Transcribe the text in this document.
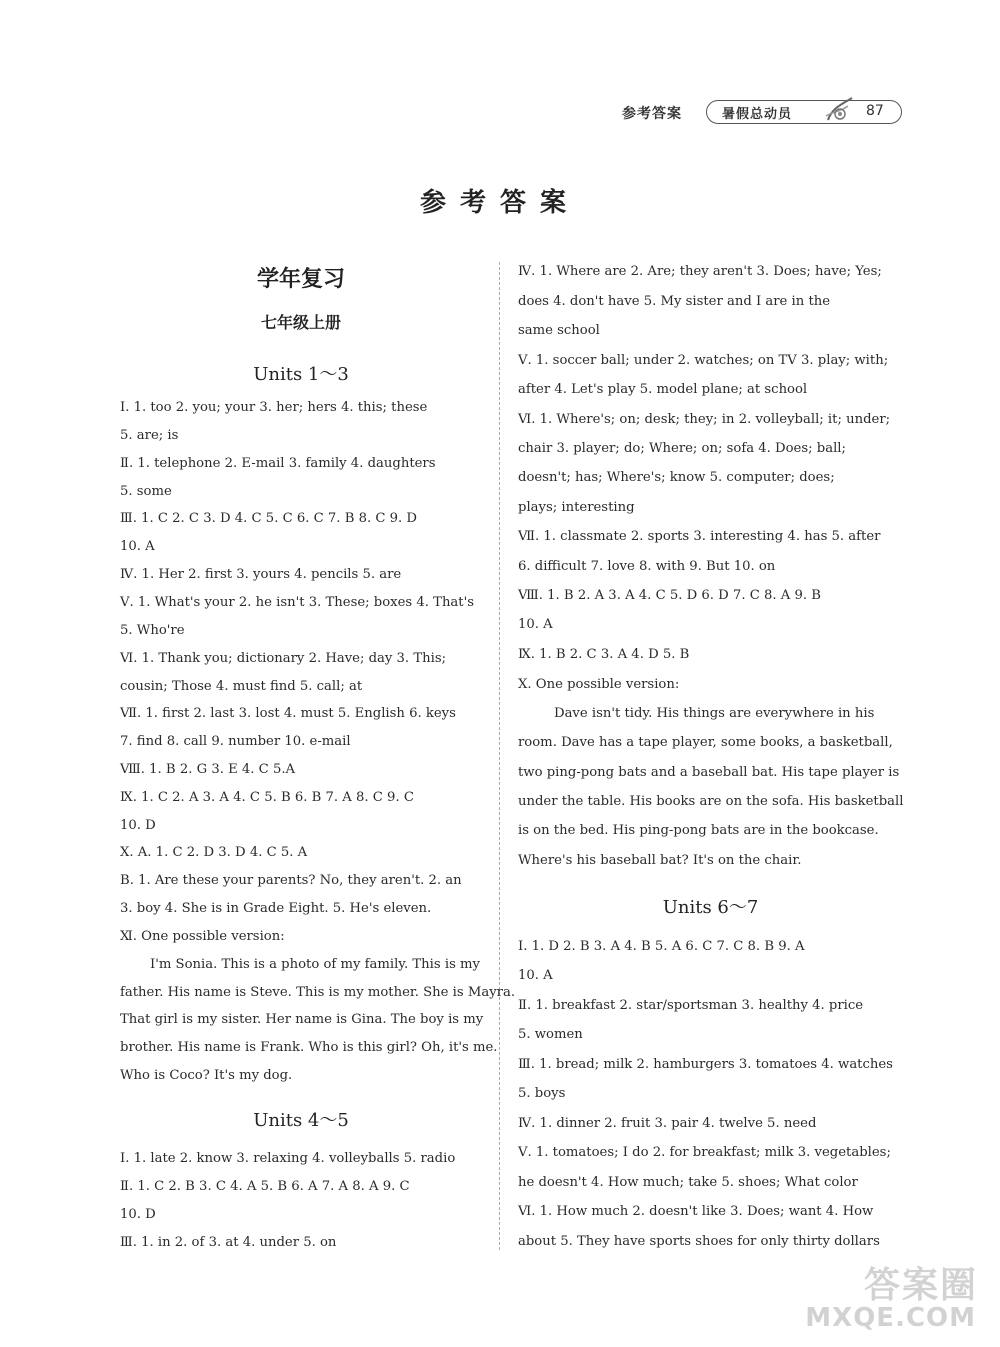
参考答案	暑假总动员	87
参考答案
学年复习
七年级上册
Units 1～3
Ⅰ. 1. too 2. you; your 3. her; hers 4. this; these
5. are; is
Ⅱ. 1. telephone 2. E-mail 3. family 4. daughters
5. some
Ⅲ. 1. C 2. C 3. D 4. C 5. C 6. C 7. B 8. C 9. D
10. A
Ⅳ. 1. Her 2. first 3. yours 4. pencils 5. are
Ⅴ. 1. What's your 2. he isn't 3. These; boxes 4. That's
5. Who're
Ⅵ. 1. Thank you; dictionary 2. Have; day 3. This;
cousin; Those 4. must find 5. call; at
Ⅶ. 1. first 2. last 3. lost 4. must 5. English 6. keys
7. find 8. call 9. number 10. e-mail
Ⅷ. 1. B 2. G 3. E 4. C 5.A
Ⅸ. 1. C 2. A 3. A 4. C 5. B 6. B 7. A 8. C 9. C
10. D
Ⅹ. A. 1. C 2. D 3. D 4. C 5. A
B. 1. Are these your parents? No, they aren't. 2. an
3. boy 4. She is in Grade Eight. 5. He's eleven.
Ⅺ. One possible version:
I'm Sonia. This is a photo of my family. This is my
father. His name is Steve. This is my mother. She is Mayra.
That girl is my sister. Her name is Gina. The boy is my
brother. His name is Frank. Who is this girl? Oh, it's me.
Who is Coco? It's my dog.
Units 4～5
Ⅰ. 1. late 2. know 3. relaxing 4. volleyballs 5. radio
Ⅱ. 1. C 2. B 3. C 4. A 5. B 6. A 7. A 8. A 9. C
10. D
Ⅲ. 1. in 2. of 3. at 4. under 5. on
Ⅳ. 1. Where are 2. Are; they aren't 3. Does; have; Yes;
does 4. don't have 5. My sister and I are in the
same school
Ⅴ. 1. soccer ball; under 2. watches; on TV 3. play; with;
after 4. Let's play 5. model plane; at school
Ⅵ. 1. Where's; on; desk; they; in 2. volleyball; it; under;
chair 3. player; do; Where; on; sofa 4. Does; ball;
doesn't; has; Where's; know 5. computer; does;
plays; interesting
Ⅶ. 1. classmate 2. sports 3. interesting 4. has 5. after
6. difficult 7. love 8. with 9. But 10. on
Ⅷ. 1. B 2. A 3. A 4. C 5. D 6. D 7. C 8. A 9. B
10. A
Ⅸ. 1. B 2. C 3. A 4. D 5. B
Ⅹ. One possible version:
Dave isn't tidy. His things are everywhere in his
room. Dave has a tape player, some books, a basketball,
two ping-pong bats and a baseball bat. His tape player is
under the table. His books are on the sofa. His basketball
is on the bed. His ping-pong bats are in the bookcase.
Where's his baseball bat? It's on the chair.
Units 6～7
Ⅰ. 1. D 2. B 3. A 4. B 5. A 6. C 7. C 8. B 9. A
10. A
Ⅱ. 1. breakfast 2. star/sportsman 3. healthy 4. price
5. women
Ⅲ. 1. bread; milk 2. hamburgers 3. tomatoes 4. watches
5. boys
Ⅳ. 1. dinner 2. fruit 3. pair 4. twelve 5. need
Ⅴ. 1. tomatoes; I do 2. for breakfast; milk 3. vegetables;
he doesn't 4. How much; take 5. shoes; What color
Ⅵ. 1. How much 2. doesn't like 3. Does; want 4. How
about 5. They have sports shoes for only thirty dollars
答案圈
MXQE.COM
